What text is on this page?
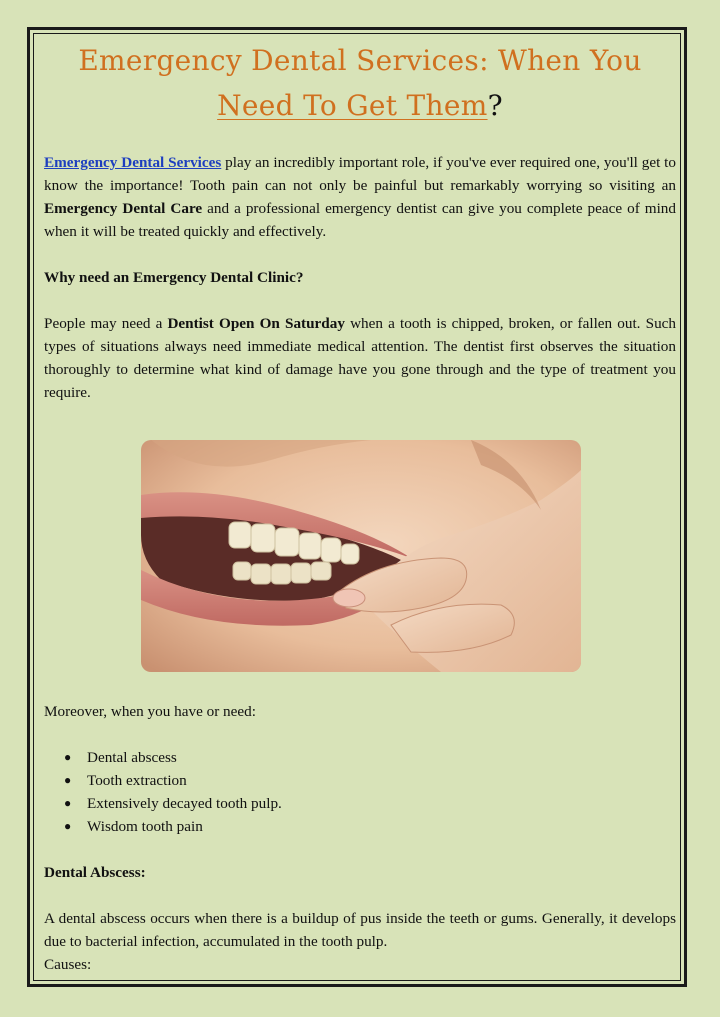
Emergency Dental Services: When You
Need To Get Them?

Emergency Dental Services play an incredibly important role, if you've ever required one, you'll get to know the importance! Tooth pain can not only be painful but remarkably worrying so visiting an Emergency Dental Care and a professional emergency dentist can give you complete peace of mind when it will be treated quickly and effectively.

Why need an Emergency Dental Clinic?

People may need a Dentist Open On Saturday when a tooth is chipped, broken, or fallen out. Such types of situations always need immediate medical attention. The dentist first observes the situation thoroughly to determine what kind of damage have you gone through and the type of treatment you require.

Moreover, when you have or need:

● Dental abscess
● Tooth extraction
● Extensively decayed tooth pulp.
● Wisdom tooth pain
Dental Abscess:

A dental abscess occurs when there is a buildup of pus inside the teeth or gums. Generally, it develops due to bacterial infection, accumulated in the tooth pulp.

Causes:
